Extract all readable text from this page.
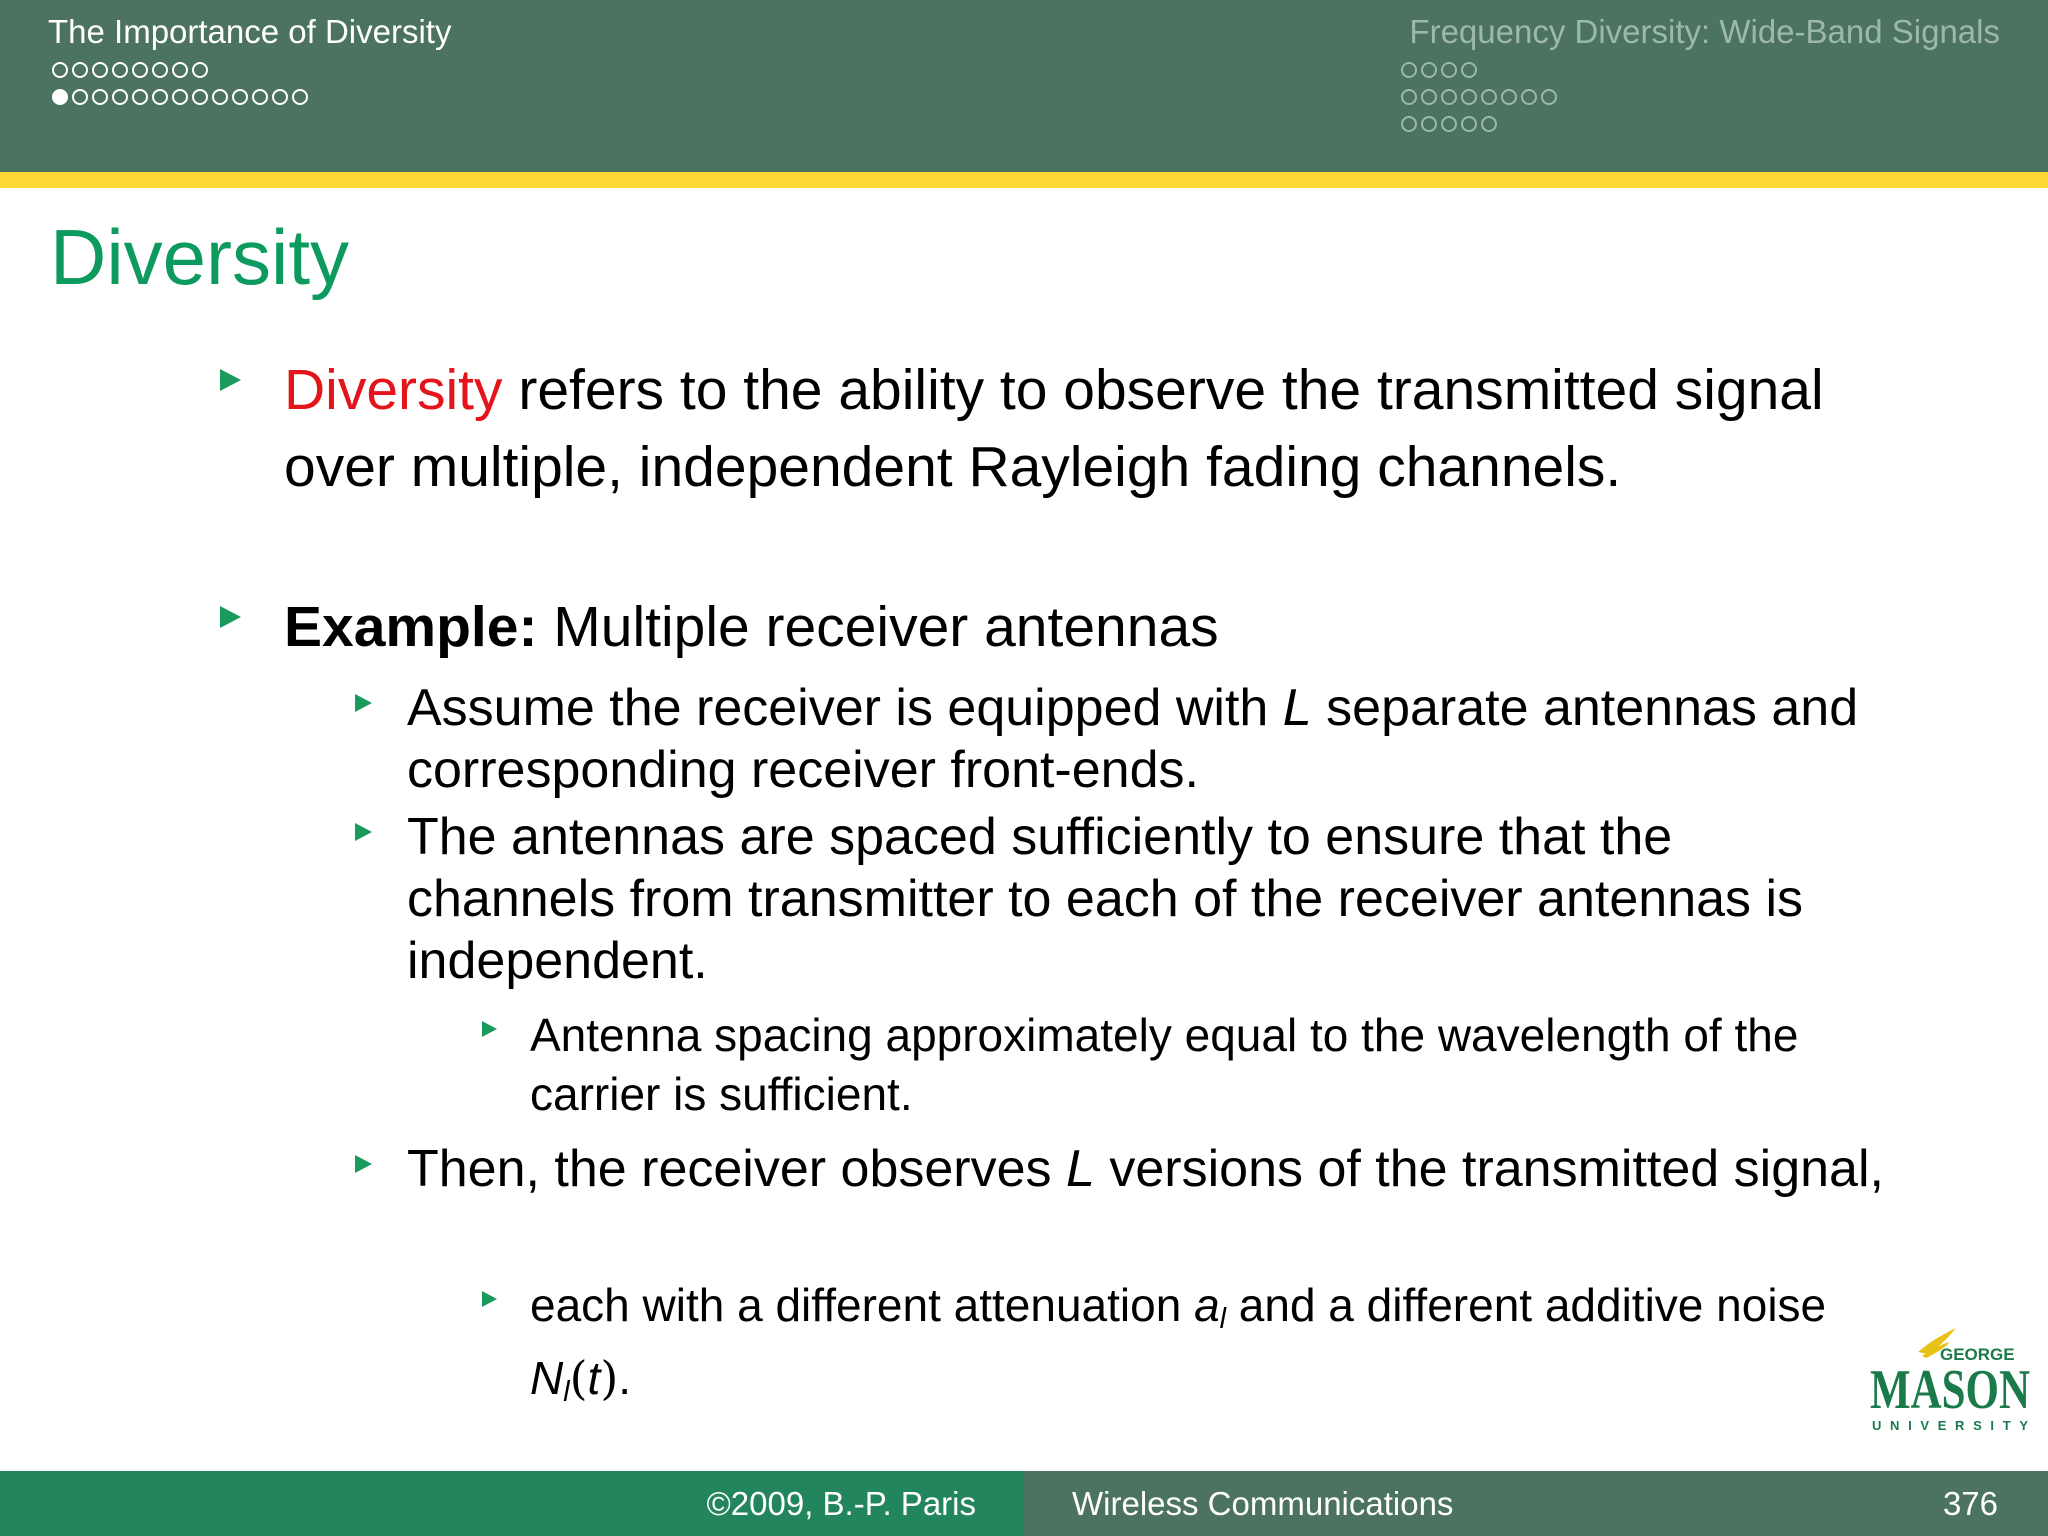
The Importance of Diversity	Frequency Diversity: Wide-Band Signals
Diversity
Diversity refers to the ability to observe the transmitted signal over multiple, independent Rayleigh fading channels.
Example: Multiple receiver antennas
Assume the receiver is equipped with L separate antennas and corresponding receiver front-ends.
The antennas are spaced sufficiently to ensure that the channels from transmitter to each of the receiver antennas is independent.
Antenna spacing approximately equal to the wavelength of the carrier is sufficient.
Then, the receiver observes L versions of the transmitted signal,
each with a different attenuation $a_l$ and a different additive noise $N_l(t)$.	GEORGE
MASON
UNIVERSITY
©2009, B.-P. Paris	Wireless Communications	376
